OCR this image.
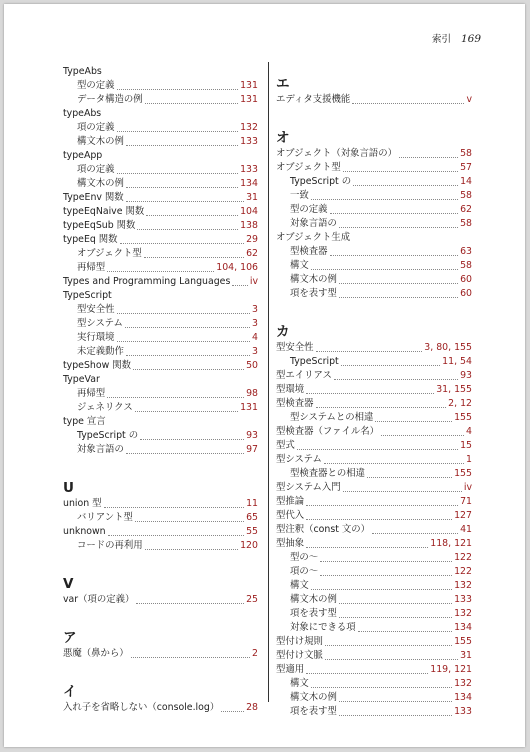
索引 169
TypeAbs
型の定義	131
データ構造の例	131
typeAbs
項の定義	132
構文木の例	133
typeApp
項の定義	133
構文木の例	134
TypeEnv 関数	31
typeEqNaive 関数	104
typeEqSub 関数	138
typeEq 関数	29
オブジェクト型	62
再帰型	104, 106
Types and Programming Languages iv
TypeScript
型安全性	3
型システム	3
実行環境	4
未定義動作	3
typeShow 関数	50
TypeVar
再帰型	98
ジェネリクス	131
type 宣言
TypeScript の	93
対象言語の	97
U
union 型	11
バリアント型	65
unknown	55
コードの再利用	120
V
var（項の定義）	25
ア
悪魔（鼻から）	2
イ
入れ子を省略しない（console.log）	28
エ
エディタ支援機能	v
オ
オブジェクト（対象言語の）	58
オブジェクト型	57
TypeScript の	14
一致	58
型の定義	62
対象言語の	58
オブジェクト生成
型検査器	63
構文	58
構文木の例	60
項を表す型	60
カ
型安全性	3, 80, 155
TypeScript	11, 54
型エイリアス	93
型環境	31, 155
型検査器	2, 12
型システムとの相違	155
型検査器（ファイル名）	4
型式	15
型システム	1
型検査器との相違	155
型システム入門	iv
型推論	71
型代入	127
型注釈（const 文の）	41
型抽象	118, 121
型の〜	122
項の〜	122
構文	132
構文木の例	133
項を表す型	132
対象にできる項	134
型付け規則	155
型付け文脈	31
型適用	119, 121
構文	132
構文木の例	134
項を表す型	133
